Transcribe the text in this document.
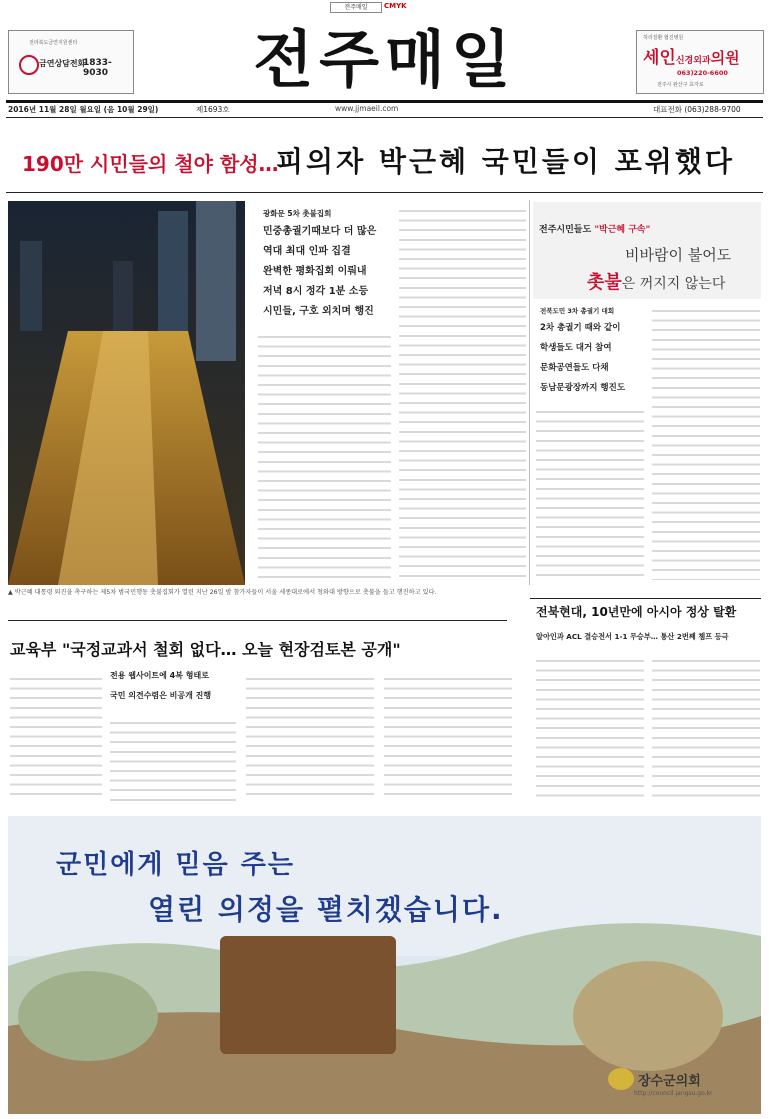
전주매일	CMYK
전라북도금연지원센터
금연상담전화
1833-9030	전주매일	허리질환 협진병원
세인신경외과의원
063)220-6600
전주시 완산구 효자로
2016년 11월 28일 월요일 (음 10월 29일)	제1693호	www.jjmaeil.com	대표전화 (063)288-9700
190만 시민들의 철야 함성…
피의자 박근혜 국민들이 포위했다
▲ 박근혜 대통령 퇴진을 촉구하는 제5차 범국민행동 촛불집회가 열린 지난 26일 밤 참가자들이 서울 세종대로에서 청와대 방향으로 촛불을 들고 행진하고 있다.
광화문 5차 촛불집회
민중총궐기때보다 더 많은
역대 최대 인파 집결
완벽한 평화집회 이뤄내
저녁 8시 정각 1분 소등
시민들, 구호 외치며 행진
전주시민들도 "박근혜 구속"
비바람이 불어도
촛불은 꺼지지 않는다
전북도민 3차 총궐기 대회
2차 총궐기 때와 같이
학생들도 대거 참여
문화공연들도 다채
동남문광장까지 행진도
교육부 "국정교과서 철회 없다… 오늘 현장검토본 공개"
전용 웹사이트에 4복 형태로
국민 의견수렴은 비공개 진행
전북현대, 10년만에 아시아 정상 탈환
알아인과 ACL 결승전서 1-1 무승부… 통산 2번째 챔프 등극
군민에게 믿음 주는
열린 의정을 펼치겠습니다.
장수군의회
http://council.jangsu.go.kr
